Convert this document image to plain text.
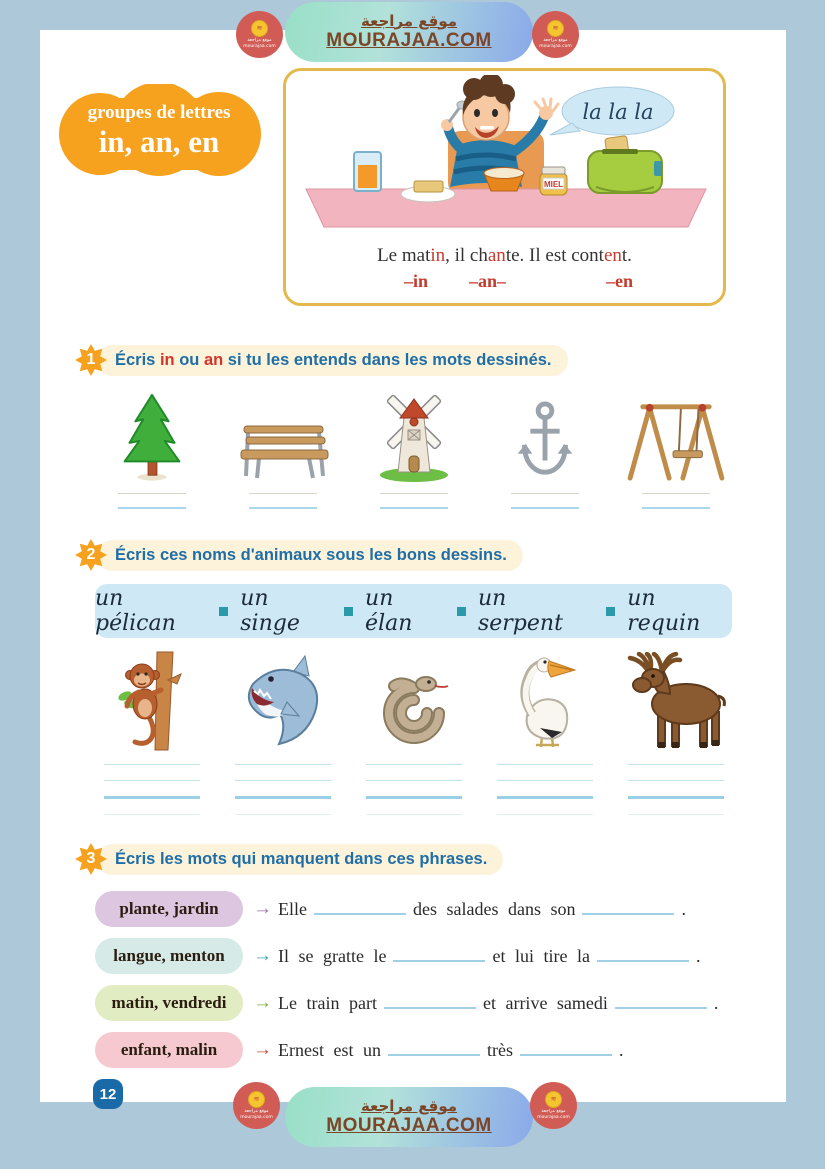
≋
موقع مراجعة
mourajaa.com
موقع مراجعة
MOURAJAA.COM
≋
موقع مراجعة
mourajaa.com
groupes de lettres
in, an, en
la la la
MIEL
Le matin, il chante. Il est content.
–in –an–	–en
1	Écris in ou an si tu les entends dans les mots dessinés.
2	Écris ces noms d'animaux sous les bons dessins.
un pélican
un singe
un élan
un serpent
un requin
3	Écris les mots qui manquent dans ces phrases.
plante, jardin	→ Elle	des salades dans son	.
langue, menton	→ Il se gratte le	et lui tire la	.
matin, vendredi	→ Le train part	et arrive samedi	.
enfant, malin	→ Ernest est un	très	.
12	≋
موقع مراجعة
mourajaa.com
موقع مراجعة
MOURAJAA.COM
≋
موقع مراجعة
mourajaa.com
